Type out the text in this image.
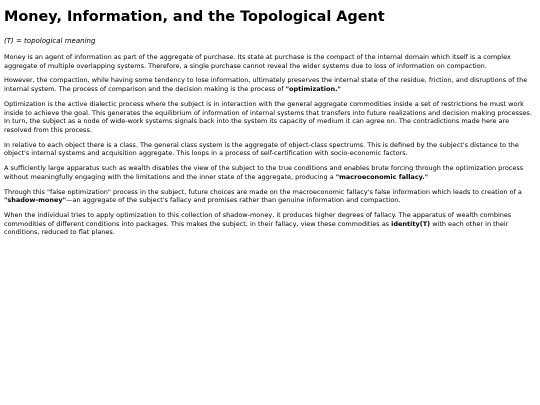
Money, Information, and the Topological Agent
(T) = topological meaning

Money is an agent of information as part of the aggregate of purchase. Its state at purchase is the compact of the internal domain which itself is a complex aggregate of multiple overlapping systems. Therefore, a single purchase cannot reveal the wider systems due to loss of information on compaction.

However, the compaction, while having some tendency to lose information, ultimately preserves the internal state of the residue, friction, and disruptions of the internal system. The process of comparison and the decision making is the process of "optimization."

Optimization is the active dialectic process where the subject is in interaction with the general aggregate commodities inside a set of restrictions he must work inside to achieve the goal. This generates the equilibrium of information of internal systems that transfers into future realizations and decision making processes. In turn, the subject as a node of wide-work systems signals back into the system its capacity of medium it can agree on. The contradictions made here are resolved from this process.

In relative to each object there is a class. The general class system is the aggregate of object-class spectrums. This is defined by the subject's distance to the object's internal systems and acquisition aggregate. This loops in a process of self-certification with socio-economic factors.

A sufficiently large apparatus such as wealth disables the view of the subject to the true conditions and enables brute forcing through the optimization process without meaningfully engaging with the limitations and the inner state of the aggregate, producing a "macroeconomic fallacy."

Through this "false optimization" process in the subject, future choices are made on the macroeconomic fallacy's false information which leads to creation of a "shadow-money"—an aggregate of the subject's fallacy and promises rather than genuine information and compaction.

When the individual tries to apply optimization to this collection of shadow-money, it produces higher degrees of fallacy. The apparatus of wealth combines commodities of different conditions into packages. This makes the subject, in their fallacy, view these commodities as identity(T) with each other in their conditions, reduced to flat planes.
